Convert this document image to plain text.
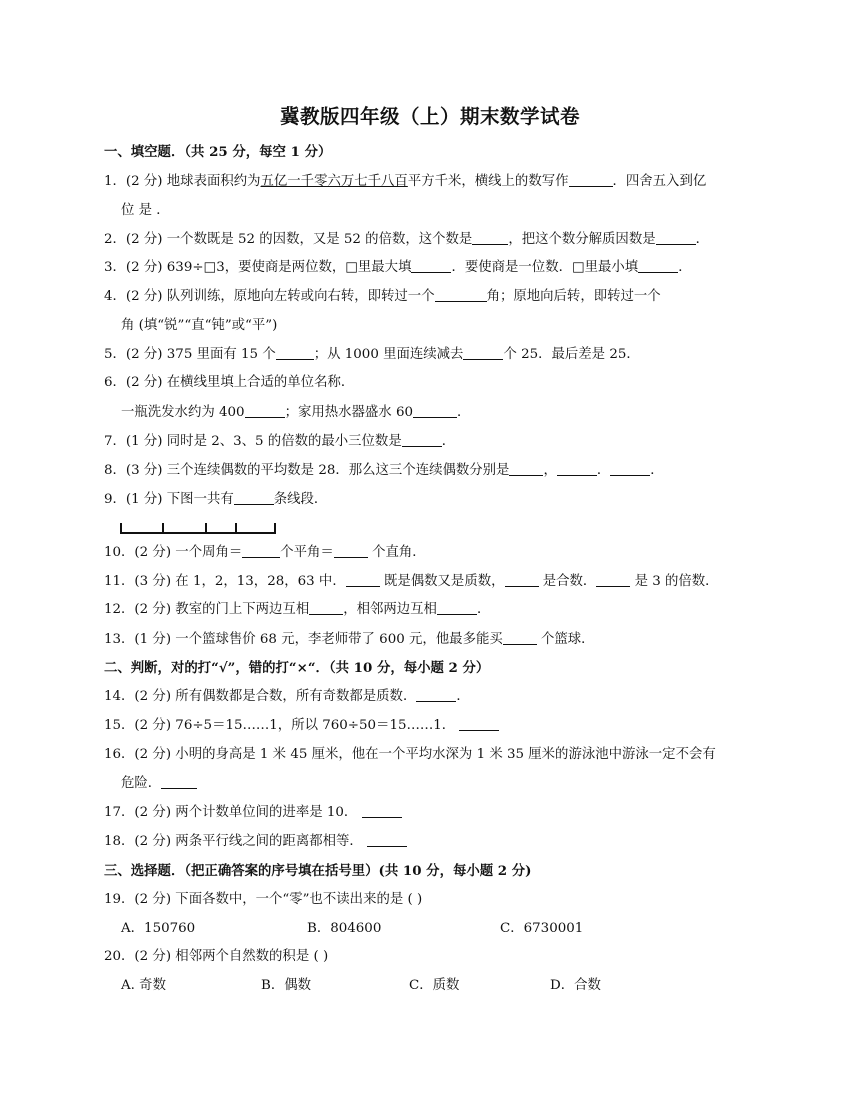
冀教版四年级（上）期末数学试卷
一、填空题．（共 25 分，每空 1 分）
1．(2 分) 地球表面积约为五亿一千零六万七千八百平方千米，横线上的数写作	．四舍五入到亿
位 是 ．
2．(2 分) 一个数既是 52 的因数，又是 52 的倍数，这个数是	，把这个数分解质因数是	．
3．(2 分) 639÷□3，要使商是两位数，□里最大填	．要使商是一位数．□里最小填	．
4．(2 分) 队列训练，原地向左转或向右转，即转过一个	角；原地向后转，即转过一个
角 (填“锐”“直“钝”或“平”)
5．(2 分) 375 里面有 15 个	；从 1000 里面连续减去	个 25．最后差是 25．
6．(2 分) 在横线里填上合适的单位名称．
一瓶洗发水约为 400	；家用热水器盛水 60	．
7．(1 分) 同时是 2、3、5 的倍数的最小三位数是	．
8．(3 分) 三个连续偶数的平均数是 28．那么这三个连续偶数分别是	，	．	．
9．(1 分) 下图一共有	条线段．
10．(2 分) 一个周角＝	个平角＝	个直角．
11．(3 分) 在 1，2，13，28，63 中．	既是偶数又是质数，	是合数．	是 3 的倍数．
12．(2 分) 教室的门上下两边互相	，相邻两边互相	．
13．(1 分) 一个篮球售价 68 元，李老师带了 600 元，他最多能买	个篮球．
二、判断，对的打“√”，错的打“×“．（共 10 分，每小题 2 分）
14．(2 分) 所有偶数都是合数，所有奇数都是质数．	．
15．(2 分) 76÷5＝15……1，所以 760÷50＝15……1．
16．(2 分) 小明的身高是 1 米 45 厘米，他在一个平均水深为 1 米 35 厘米的游泳池中游泳一定不会有
危险．
17．(2 分) 两个计数单位间的进率是 10．
18．(2 分) 两条平行线之间的距离都相等．
三、选择题．（把正确答案的序号填在括号里）(共 10 分，每小题 2 分)
19．(2 分) 下面各数中，一个“零”也不读出来的是 ( )
A．150760	B．804600	C．6730001
20．(2 分) 相邻两个自然数的积是 ( )
A. 奇数	B．偶数	C．质数	D．合数
